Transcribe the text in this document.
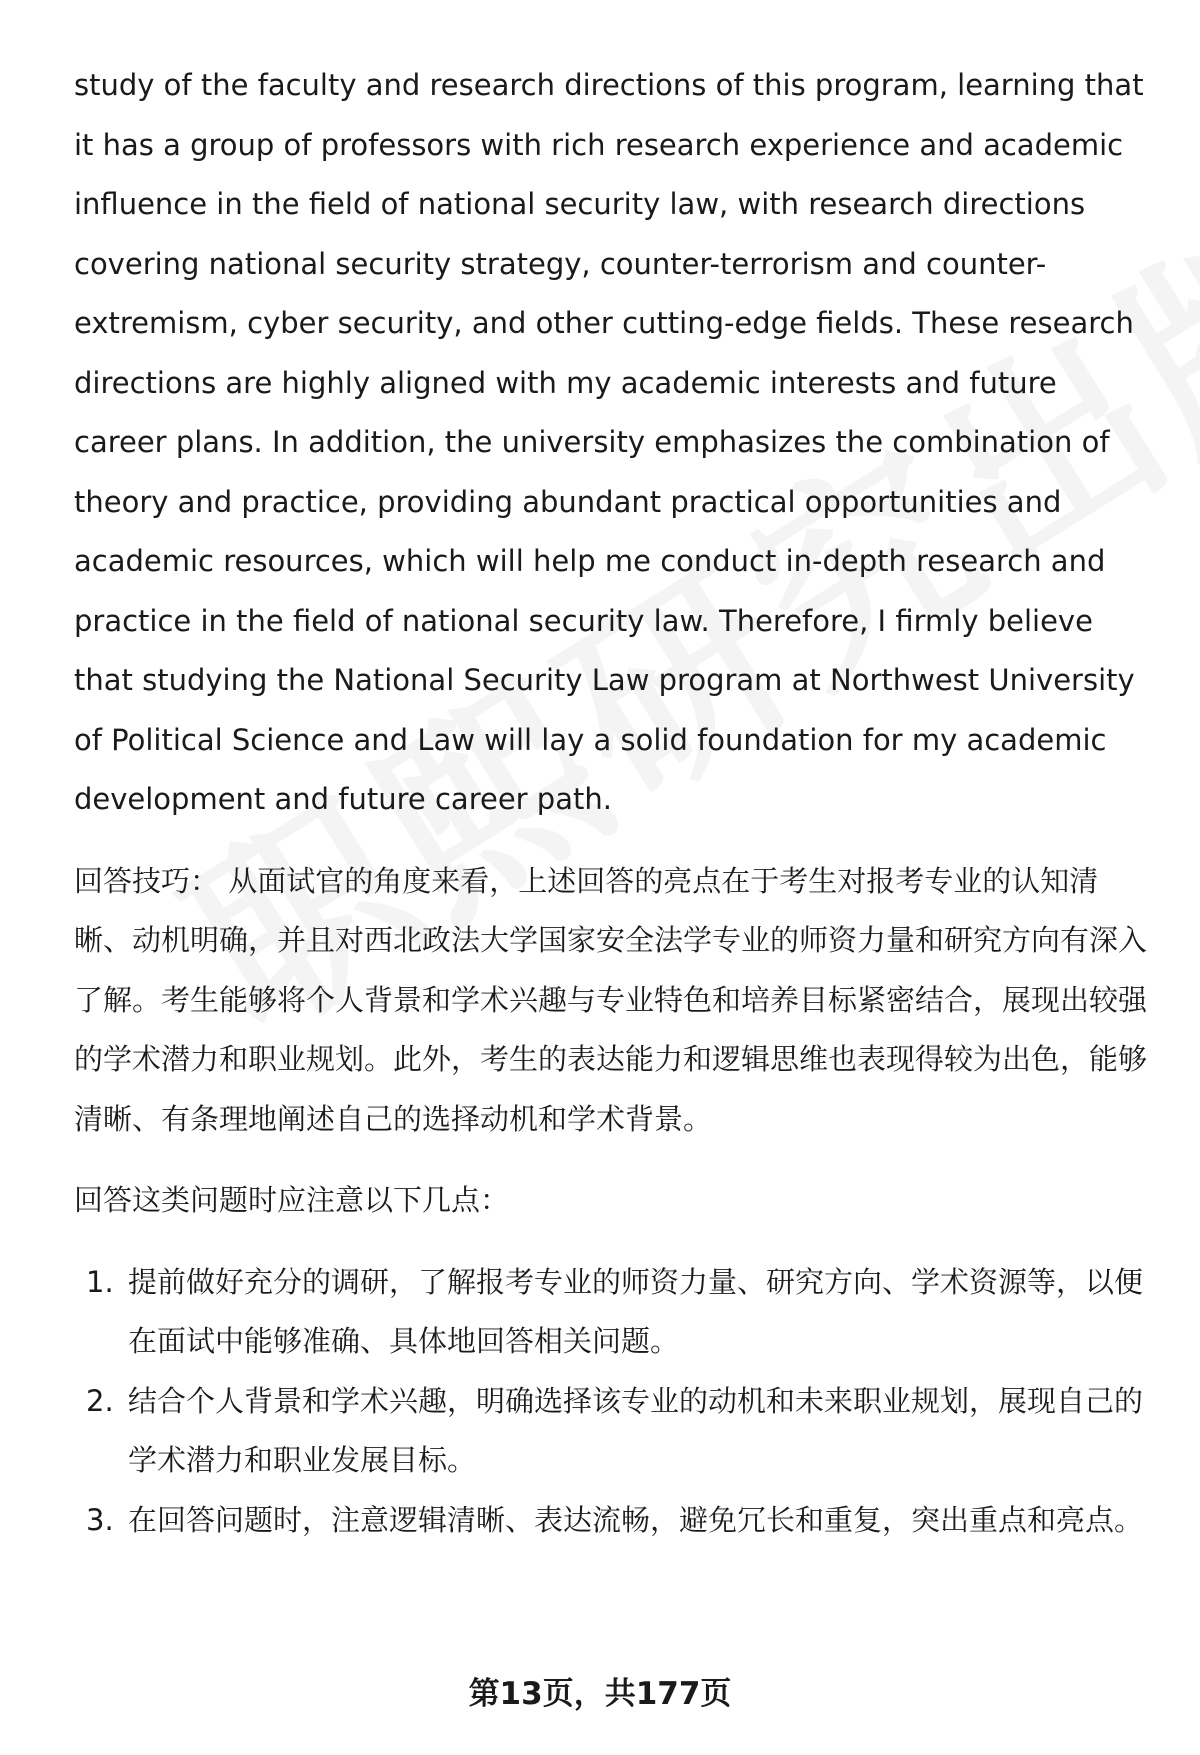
study of the faculty and research directions of this program, learning that it has a group of professors with rich research experience and academic influence in the field of national security law, with research directions covering national security strategy, counter-terrorism and counter-extremism, cyber security, and other cutting-edge fields. These research directions are highly aligned with my academic interests and future career plans. In addition, the university emphasizes the combination of theory and practice, providing abundant practical opportunities and academic resources, which will help me conduct in-depth research and practice in the field of national security law. Therefore, I firmly believe that studying the National Security Law program at Northwest University of Political Science and Law will lay a solid foundation for my academic development and future career path.

回答技巧： 从面试官的角度来看，上述回答的亮点在于考生对报考专业的认知清晰、动机明确，并且对西北政法大学国家安全法学专业的师资力量和研究方向有深入了解。考生能够将个人背景和学术兴趣与专业特色和培养目标紧密结合，展现出较强的学术潜力和职业规划。此外，考生的表达能力和逻辑思维也表现得较为出色，能够清晰、有条理地阐述自己的选择动机和学术背景。

回答这类问题时应注意以下几点：

1. 提前做好充分的调研，了解报考专业的师资力量、研究方向、学术资源等，以便在面试中能够准确、具体地回答相关问题。
2. 结合个人背景和学术兴趣，明确选择该专业的动机和未来职业规划，展现自己的学术潜力和职业发展目标。
3. 在回答问题时，注意逻辑清晰、表达流畅，避免冗长和重复，突出重点和亮点。
第13页，共177页
